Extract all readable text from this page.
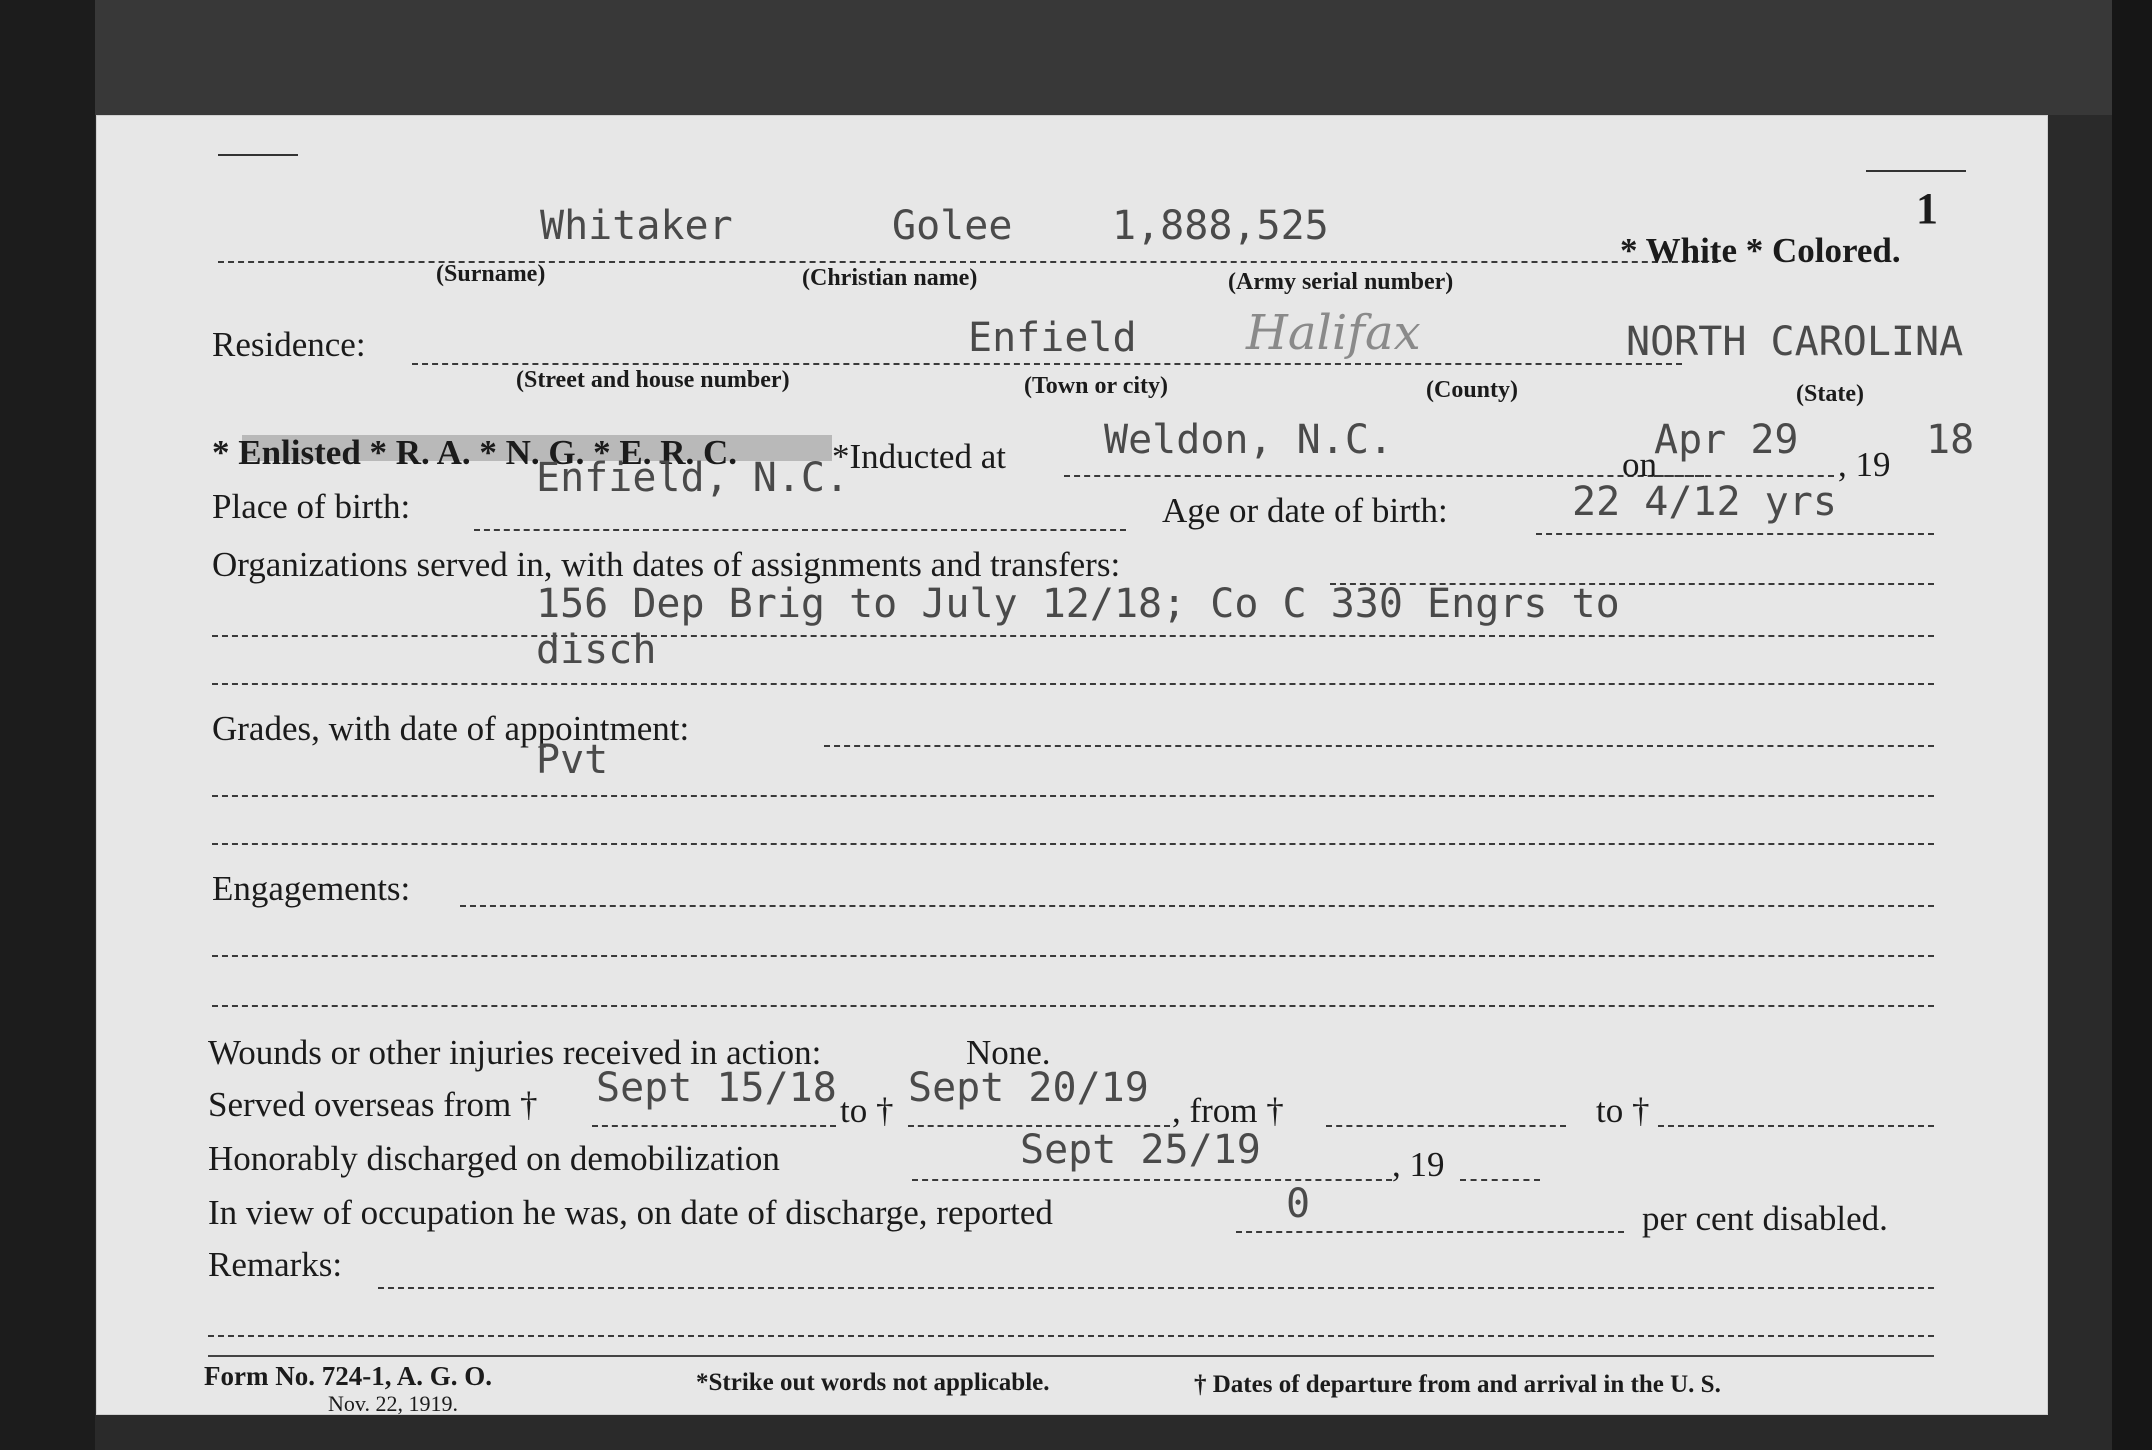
1
Whitaker	Golee 1,888,525
* White * Colored.
(Surname)	(Christian name)	(Army serial number)
Residence:	Enfield Halifax	NORTH CAROLINA
(Street and house number)	(Town or city)	(County)	(State)
* Enlisted * R. A. * N. G. * E. R. C.	*Inducted at Weldon, N.C.
on
Apr 29
, 19
18
Place of birth:
Enfield, N.C.
Age or date of birth:	22 4/12 yrs
Organizations served in, with dates of assignments and transfers:
156 Dep Brig to July 12/18; Co C 330 Engrs to
disch
Grades, with date of appointment:
Pvt
Engagements:
Wounds or other injuries received in action:	None.
Served overseas from † Sept 15/18 to † Sept 20/19 , from †	to †
Honorably discharged on demobilization	Sept 25/19	, 19
In view of occupation he was, on date of discharge, reported	0	per cent disabled.
Remarks:
Form No. 724-1, A. G. O.
Nov. 22, 1919.
*Strike out words not applicable.	† Dates of departure from and arrival in the U. S.
